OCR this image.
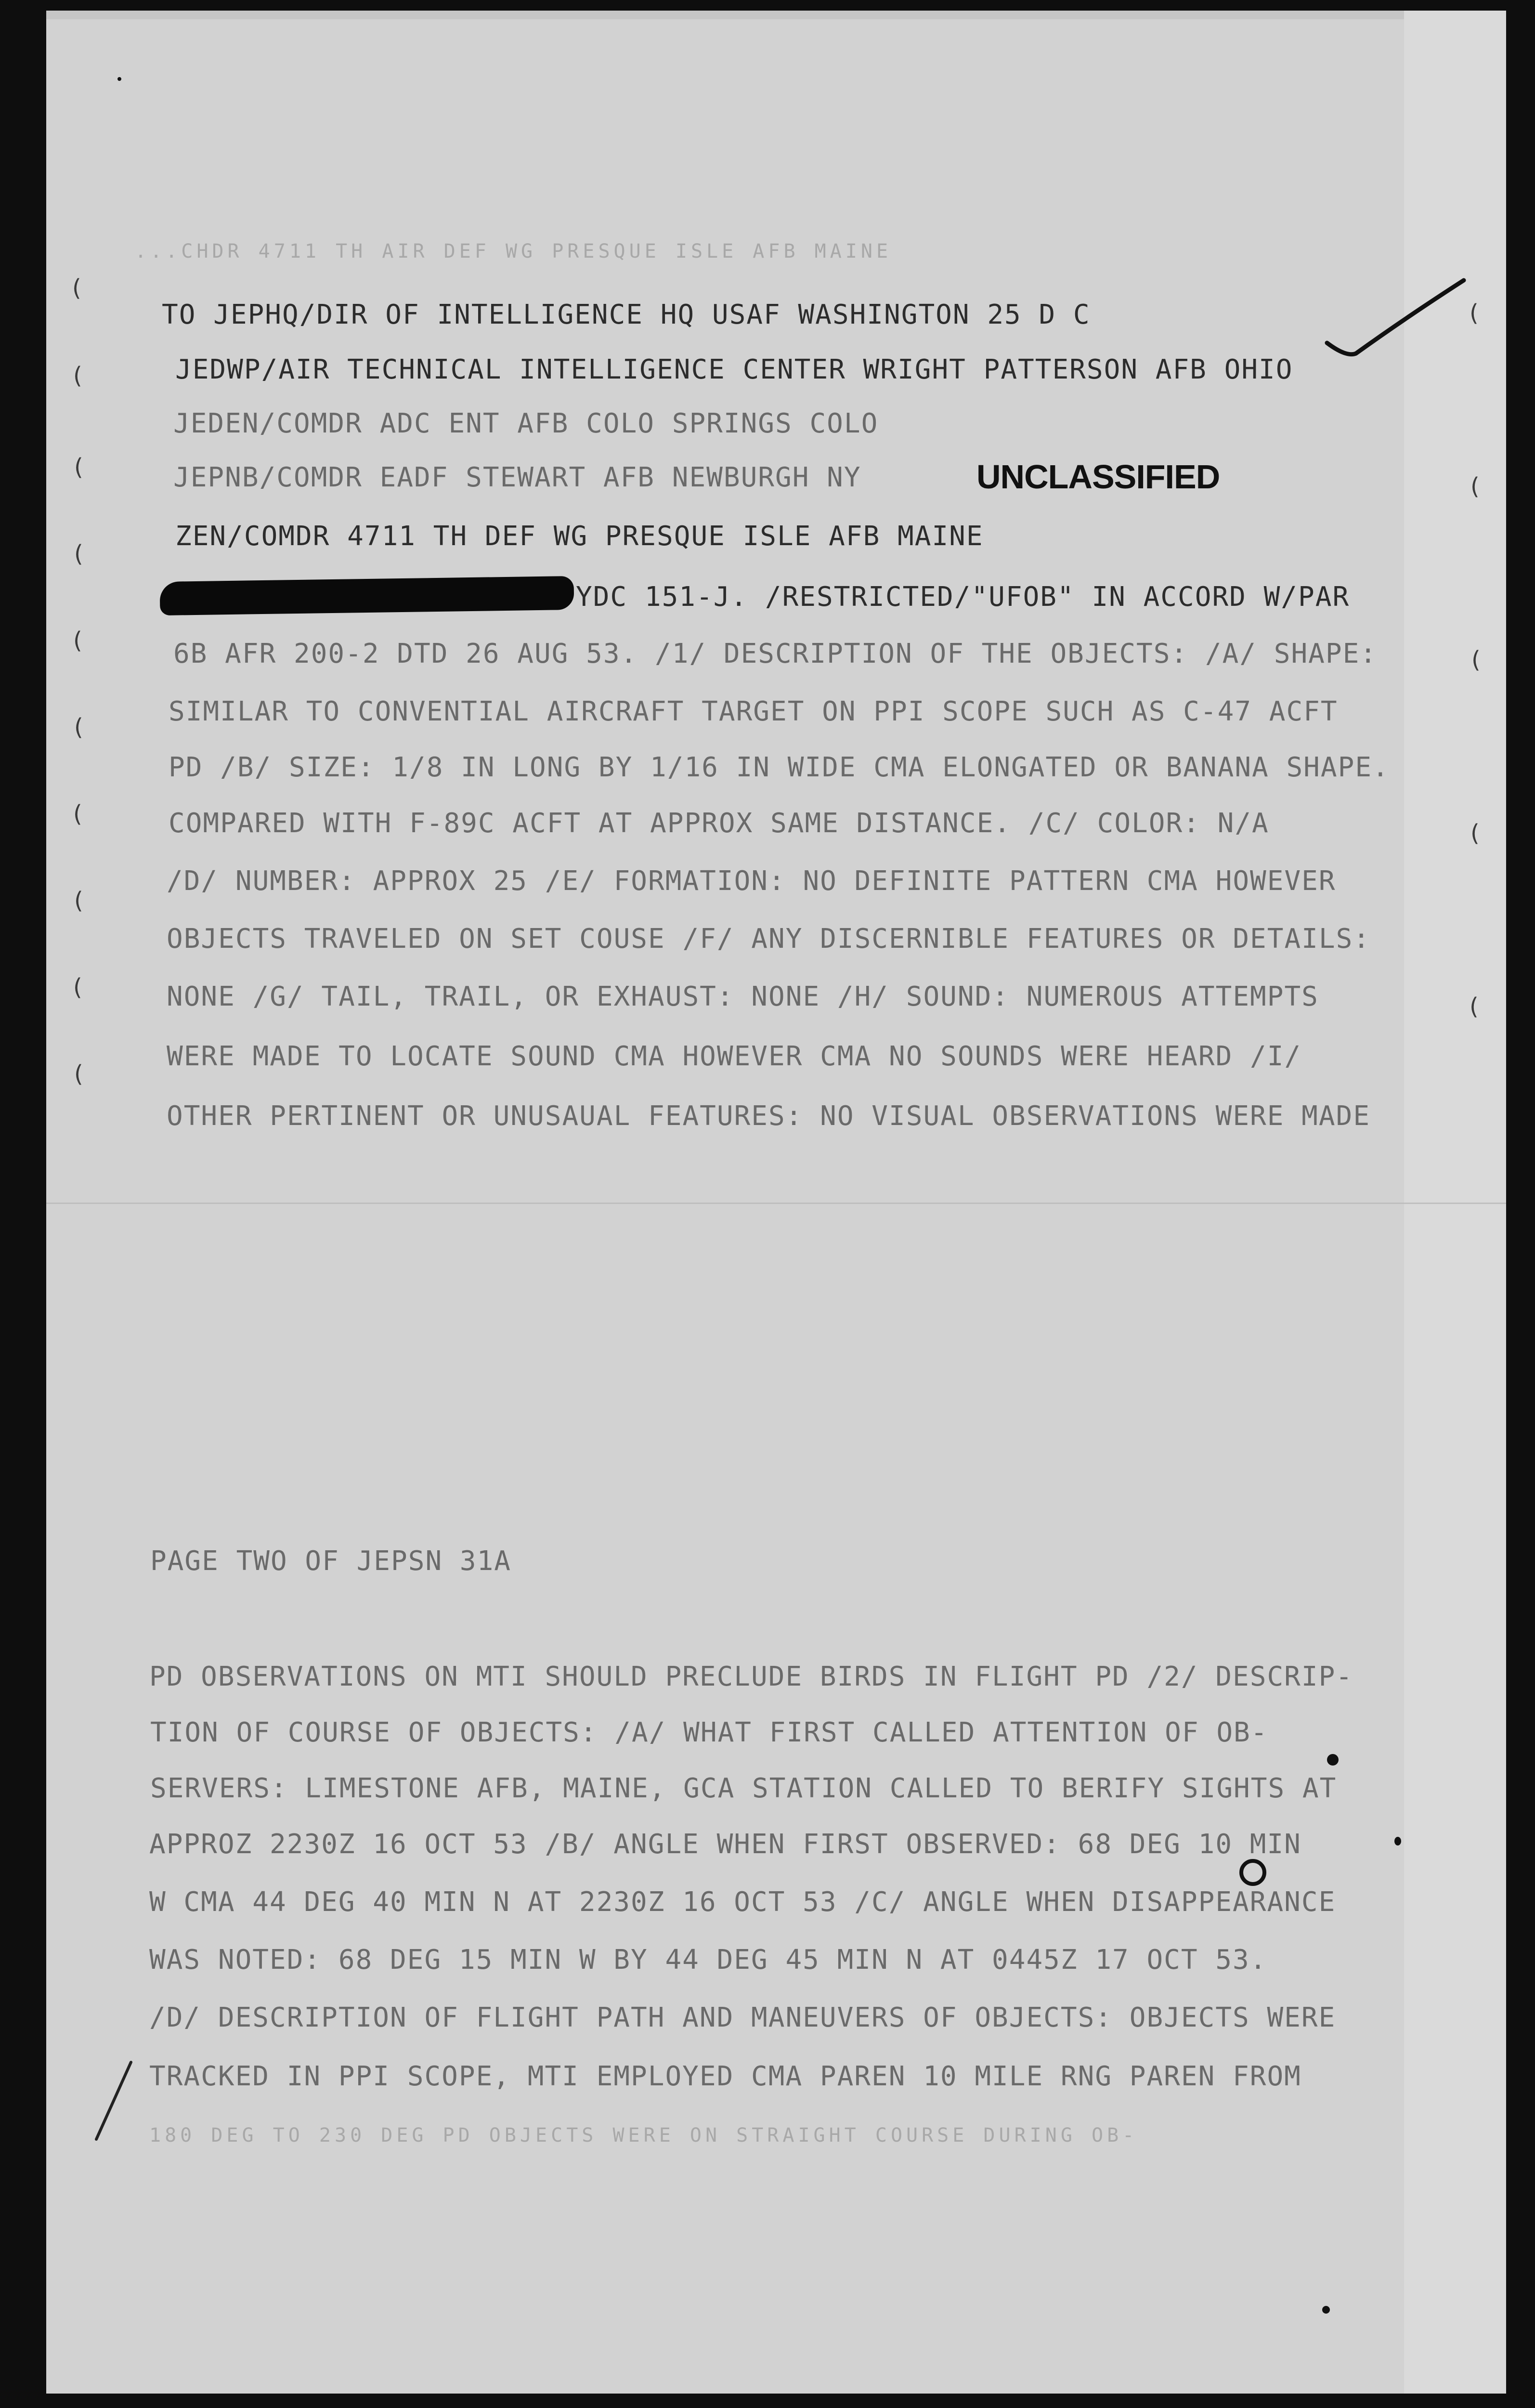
(

(

(

(

(

(

(

(

(

(

(

(

(

(

(

...CHDR 4711 TH AIR DEF WG PRESQUE ISLE AFB MAINE

TO JEPHQ/DIR OF INTELLIGENCE HQ USAF WASHINGTON 25 D C

JEDWP/AIR TECHNICAL INTELLIGENCE CENTER WRIGHT PATTERSON AFB OHIO

JEDEN/COMDR ADC ENT AFB COLO SPRINGS COLO

JEPNB/COMDR EADF STEWART AFB NEWBURGH NY

ZEN/COMDR 4711 TH DEF WG PRESQUE ISLE AFB MAINE

UNCLASSIFIED

YDC 151-J. /RESTRICTED/"UFOB" IN ACCORD W/PAR

6B AFR 200-2 DTD 26 AUG 53. /1/ DESCRIPTION OF THE OBJECTS: /A/ SHAPE:

SIMILAR TO CONVENTIAL AIRCRAFT TARGET ON PPI SCOPE SUCH AS C-47 ACFT

PD /B/ SIZE: 1/8 IN LONG BY 1/16 IN WIDE CMA ELONGATED OR BANANA SHAPE.

COMPARED WITH F-89C ACFT AT APPROX SAME DISTANCE. /C/ COLOR: N/A

/D/ NUMBER: APPROX 25 /E/ FORMATION: NO DEFINITE PATTERN CMA HOWEVER

OBJECTS TRAVELED ON SET COUSE /F/ ANY DISCERNIBLE FEATURES OR DETAILS:

NONE /G/ TAIL, TRAIL, OR EXHAUST: NONE /H/ SOUND: NUMEROUS ATTEMPTS

WERE MADE TO LOCATE SOUND CMA HOWEVER CMA NO SOUNDS WERE HEARD /I/

OTHER PERTINENT OR UNUSAUAL FEATURES: NO VISUAL OBSERVATIONS WERE MADE

PAGE TWO OF JEPSN 31A

PD OBSERVATIONS ON MTI SHOULD PRECLUDE BIRDS IN FLIGHT PD /2/ DESCRIP-

TION OF COURSE OF OBJECTS: /A/ WHAT FIRST CALLED ATTENTION OF OB-

SERVERS: LIMESTONE AFB, MAINE, GCA STATION CALLED TO BERIFY SIGHTS AT

APPROZ 2230Z 16 OCT 53 /B/ ANGLE WHEN FIRST OBSERVED: 68 DEG 10 MIN

W CMA 44 DEG 40 MIN N AT 2230Z 16 OCT 53 /C/ ANGLE WHEN DISAPPEARANCE

WAS NOTED: 68 DEG 15 MIN W BY 44 DEG 45 MIN N AT 0445Z 17 OCT 53.

/D/ DESCRIPTION OF FLIGHT PATH AND MANEUVERS OF OBJECTS: OBJECTS WERE

TRACKED IN PPI SCOPE, MTI EMPLOYED CMA PAREN 10 MILE RNG PAREN FROM

180 DEG TO 230 DEG PD OBJECTS WERE ON STRAIGHT COURSE DURING OB-
